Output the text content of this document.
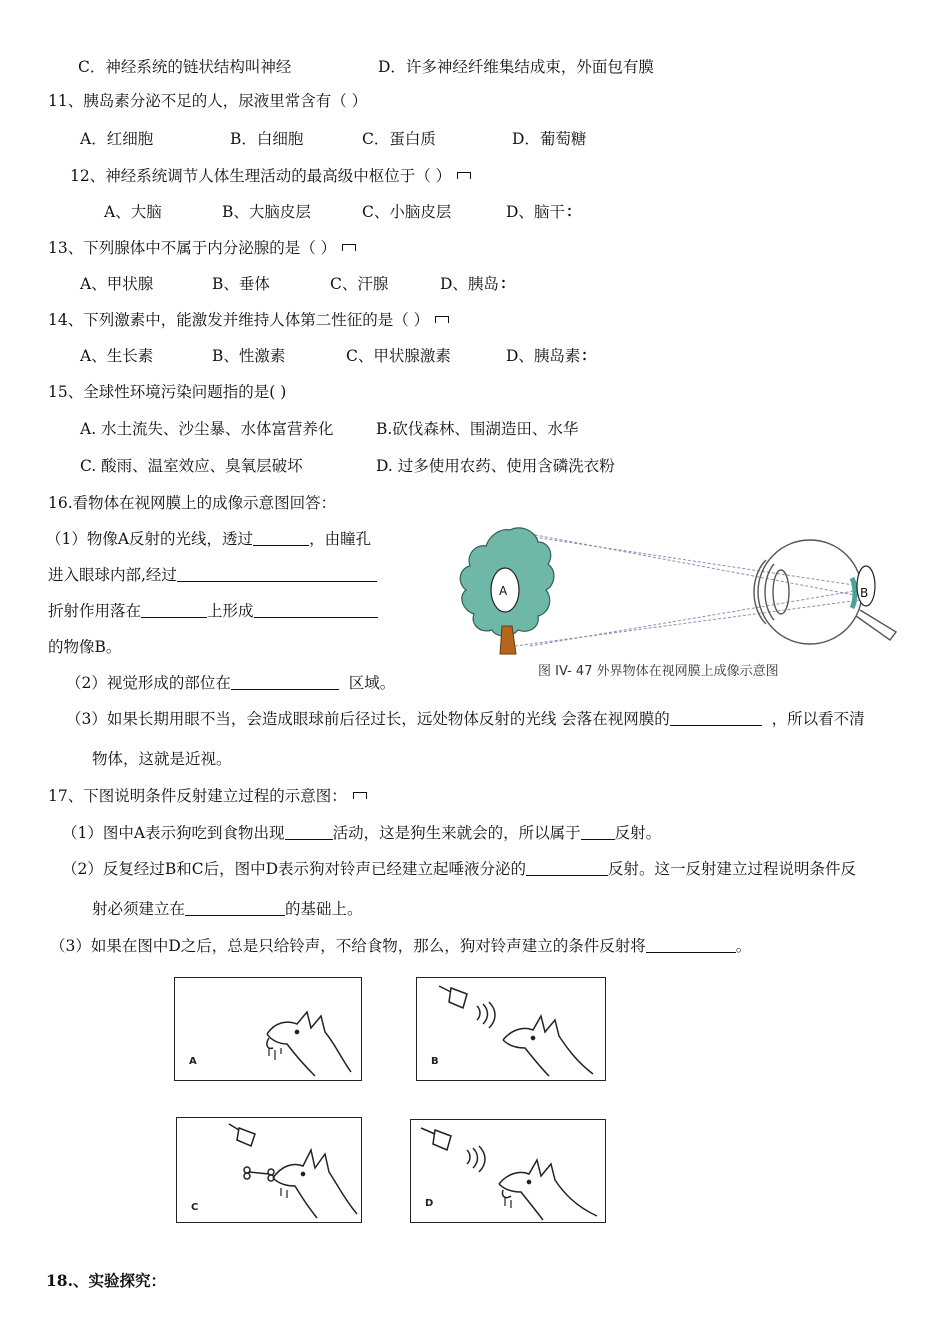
C．神经系统的链状结构叫神经	D．许多神经纤维集结成束，外面包有膜
11、胰岛素分泌不足的人，尿液里常含有（ ）
A．红细胞	B．白细胞	C．蛋白质	D．葡萄糖
12、神经系统调节人体生理活动的最高级中枢位于（ ）
A、大脑	B、大脑皮层	C、小脑皮层	D、脑干
13、下列腺体中不属于内分泌腺的是（ ）
A、甲状腺	B、垂体	C、汗腺	D、胰岛
14、下列激素中，能激发并维持人体第二性征的是（ ）
A、生长素	B、性激素	C、甲状腺激素	D、胰岛素
15、全球性环境污染问题指的是( )
A. 水土流失、沙尘暴、水体富营养化	B.砍伐森林、围湖造田、水华
C. 酸雨、温室效应、臭氧层破坏	D. 过多使用农药、使用含磷洗衣粉
16.看物体在视网膜上的成像示意图回答：
（1）物像A反射的光线，透过	，由瞳孔
进入眼球内部,经过
折射作用落在	上形成
的物像B。
（2）视觉形成的部位在	区域。
（3）如果长期用眼不当，会造成眼球前后径过长，远处物体反射的光线 会落在视网膜的	，所以看不清
物体，这就是近视。
A	B
图 IV- 47 外界物体在视网膜上成像示意图
17、下图说明条件反射建立过程的示意图：
（1）图中A表示狗吃到食物出现	活动，这是狗生来就会的，所以属于 反射。
（2）反复经过B和C后，图中D表示狗对铃声已经建立起唾液分泌的	反射。这一反射建立过程说明条件反
射必须建立在	的基础上。
（3）如果在图中D之后，总是只给铃声，不给食物，那么，狗对铃声建立的条件反射将	。
A	B
C	D
18.、实验探究：
